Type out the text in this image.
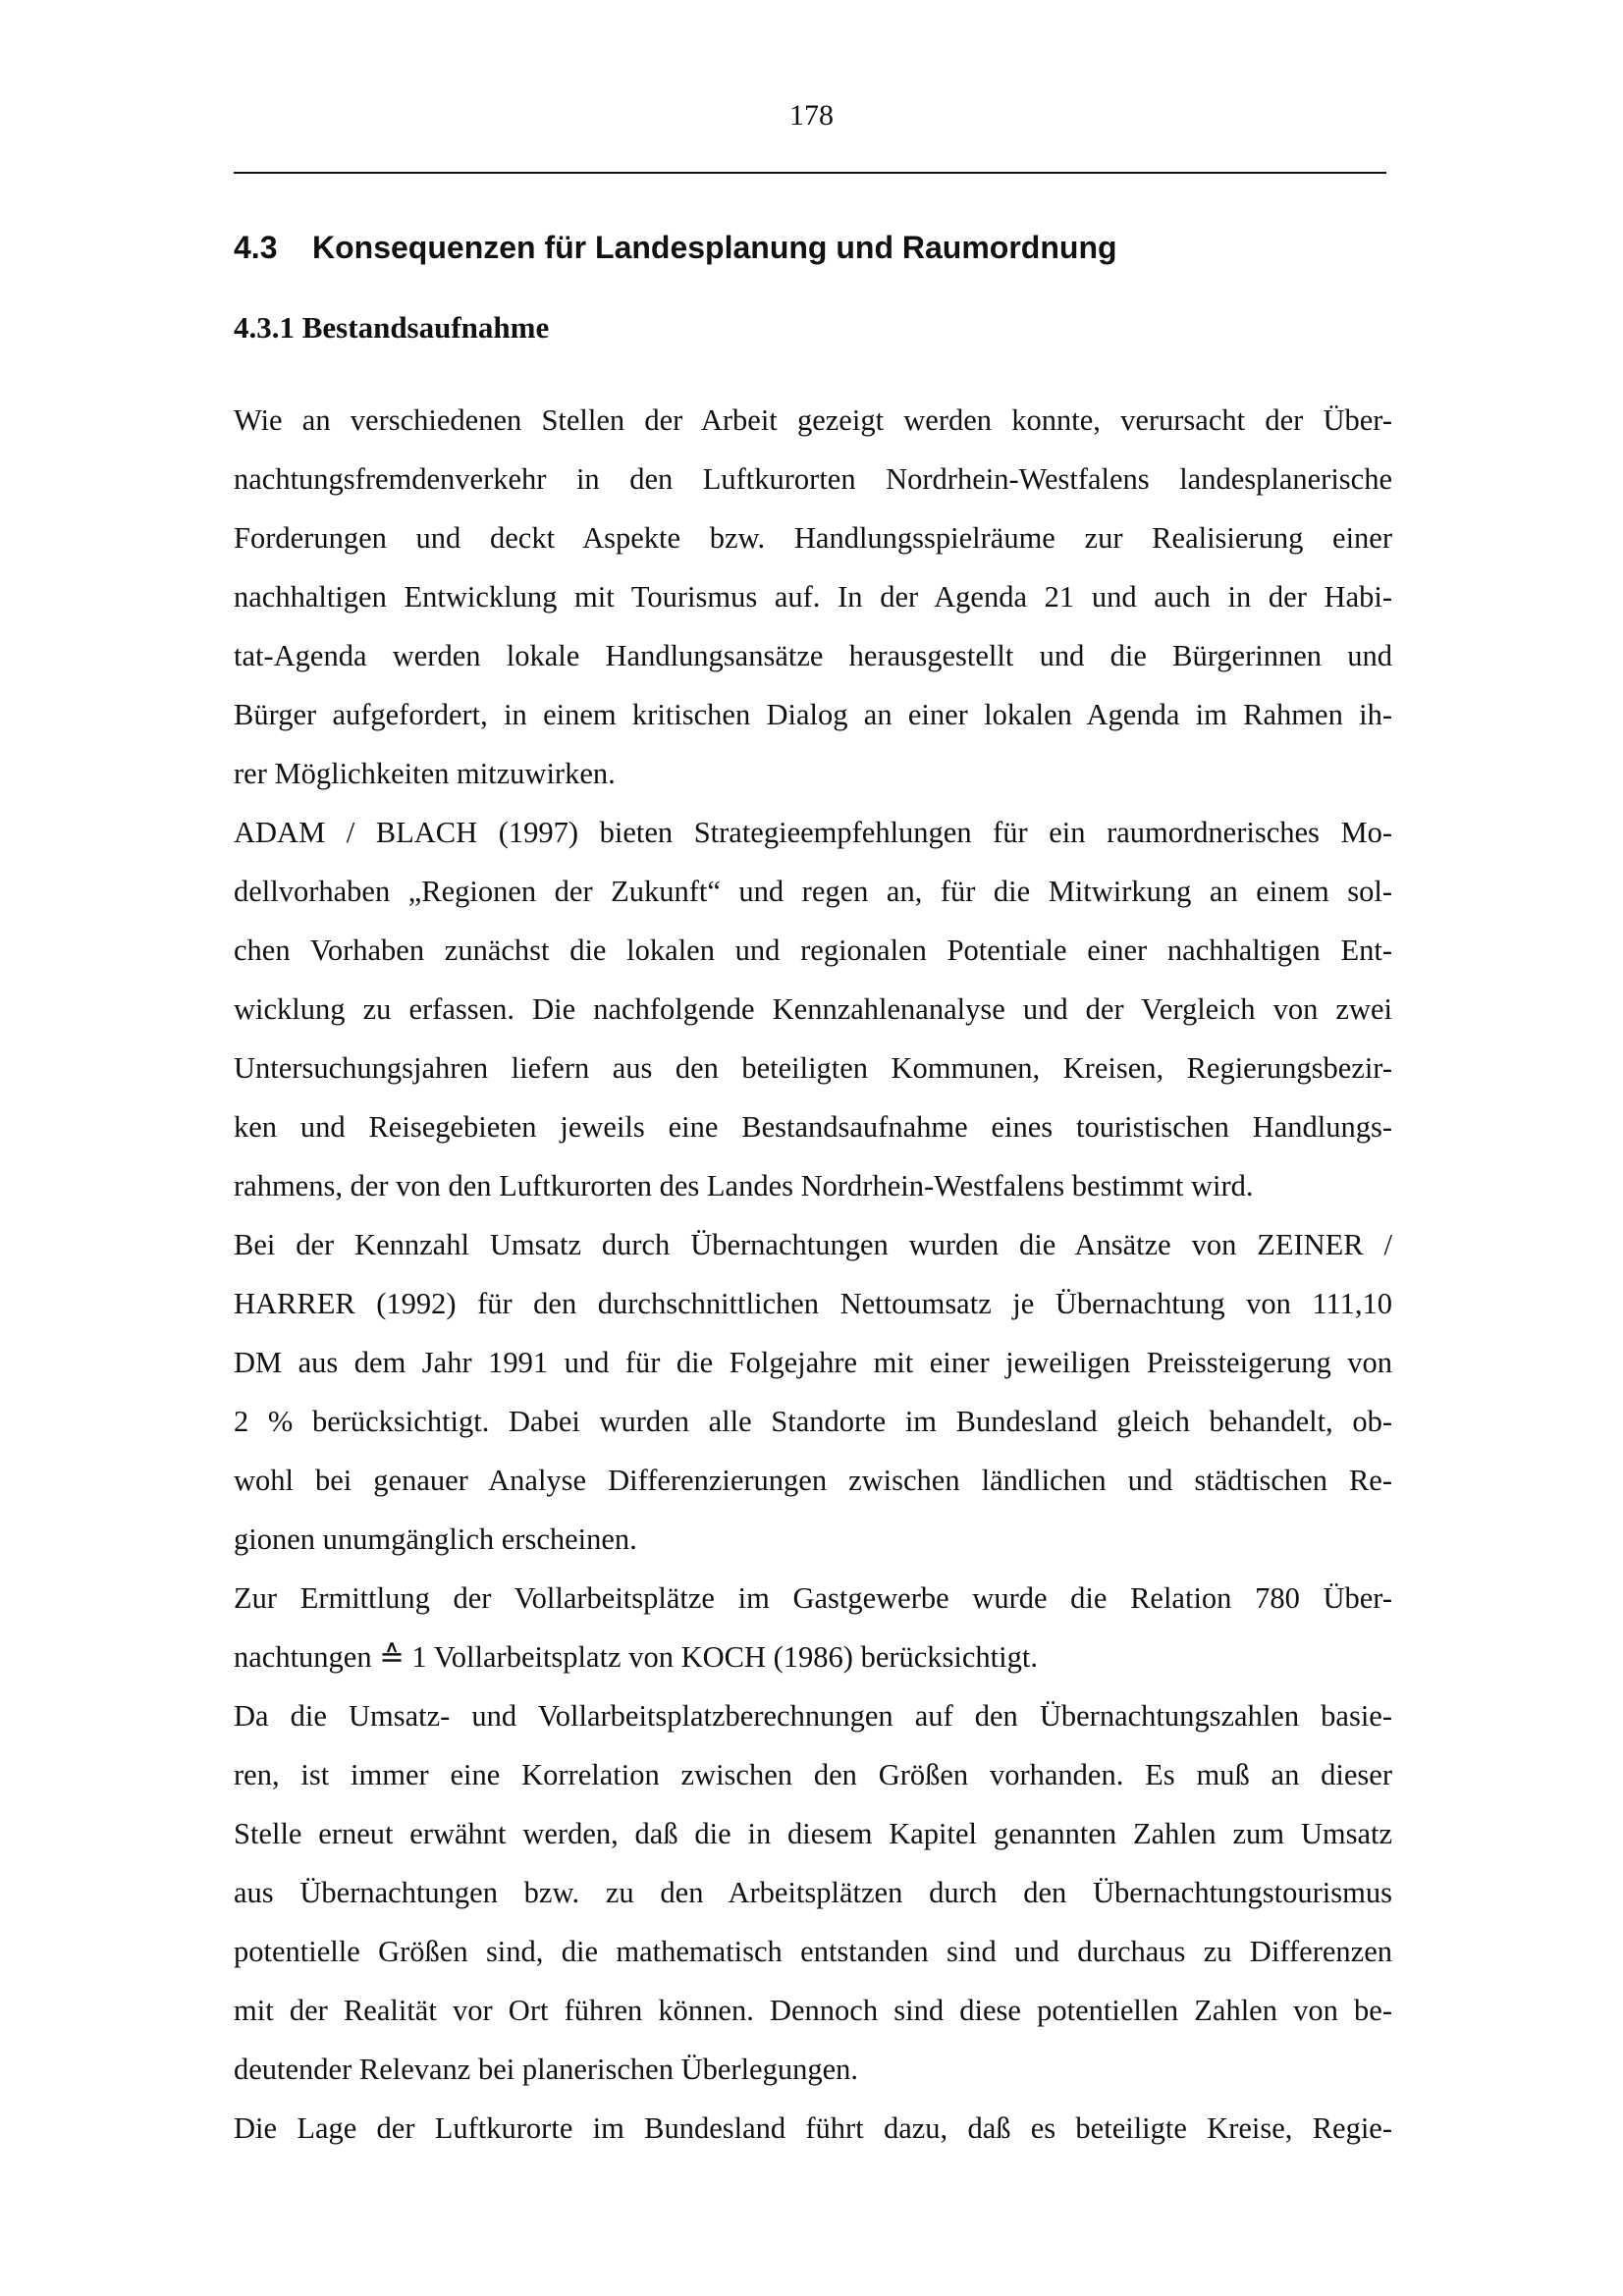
178
4.3 Konsequenzen für Landesplanung und Raumordnung
4.3.1 Bestandsaufnahme
Wie an verschiedenen Stellen der Arbeit gezeigt werden konnte, verursacht der Über-
nachtungsfremdenverkehr in den Luftkurorten Nordrhein-Westfalens landesplanerische
Forderungen und deckt Aspekte bzw. Handlungsspielräume zur Realisierung einer
nachhaltigen Entwicklung mit Tourismus auf. In der Agenda 21 und auch in der Habi-
tat-Agenda werden lokale Handlungsansätze herausgestellt und die Bürgerinnen und
Bürger aufgefordert, in einem kritischen Dialog an einer lokalen Agenda im Rahmen ih-
rer Möglichkeiten mitzuwirken.
ADAM / BLACH (1997) bieten Strategieempfehlungen für ein raumordnerisches Mo-
dellvorhaben „Regionen der Zukunft“ und regen an, für die Mitwirkung an einem sol-
chen Vorhaben zunächst die lokalen und regionalen Potentiale einer nachhaltigen Ent-
wicklung zu erfassen. Die nachfolgende Kennzahlenanalyse und der Vergleich von zwei
Untersuchungsjahren liefern aus den beteiligten Kommunen, Kreisen, Regierungsbezir-
ken und Reisegebieten jeweils eine Bestandsaufnahme eines touristischen Handlungs-
rahmens, der von den Luftkurorten des Landes Nordrhein-Westfalens bestimmt wird.
Bei der Kennzahl Umsatz durch Übernachtungen wurden die Ansätze von ZEINER /
HARRER (1992) für den durchschnittlichen Nettoumsatz je Übernachtung von 111,10
DM aus dem Jahr 1991 und für die Folgejahre mit einer jeweiligen Preissteigerung von
2 % berücksichtigt. Dabei wurden alle Standorte im Bundesland gleich behandelt, ob-
wohl bei genauer Analyse Differenzierungen zwischen ländlichen und städtischen Re-
gionen unumgänglich erscheinen.
Zur Ermittlung der Vollarbeitsplätze im Gastgewerbe wurde die Relation 780 Über-
nachtungen ≙ 1 Vollarbeitsplatz von KOCH (1986) berücksichtigt.
Da die Umsatz- und Vollarbeitsplatzberechnungen auf den Übernachtungszahlen basie-
ren, ist immer eine Korrelation zwischen den Größen vorhanden. Es muß an dieser
Stelle erneut erwähnt werden, daß die in diesem Kapitel genannten Zahlen zum Umsatz
aus Übernachtungen bzw. zu den Arbeitsplätzen durch den Übernachtungstourismus
potentielle Größen sind, die mathematisch entstanden sind und durchaus zu Differenzen
mit der Realität vor Ort führen können. Dennoch sind diese potentiellen Zahlen von be-
deutender Relevanz bei planerischen Überlegungen.
Die Lage der Luftkurorte im Bundesland führt dazu, daß es beteiligte Kreise, Regie-
